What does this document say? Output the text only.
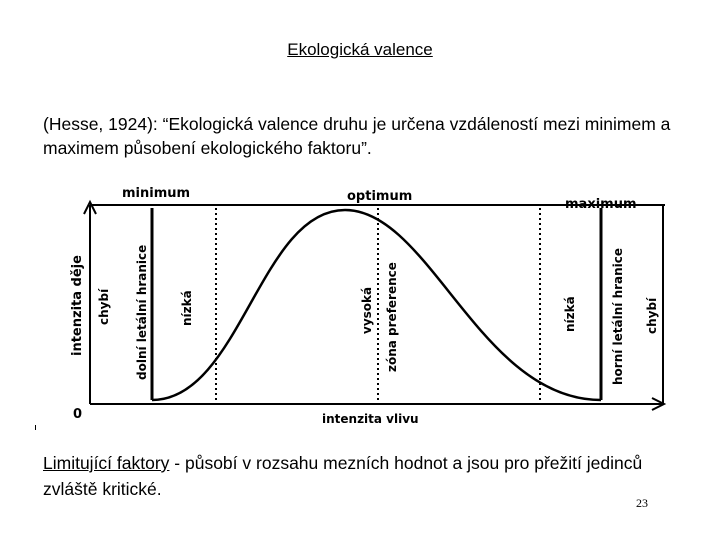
Ekologická valence
(Hesse, 1924): “Ekologická valence druhu je určena vzdáleností mezi minimem a maximem působení ekologického faktoru”.
minimum	optimum
maximum
intenzita děje
0	intenzita vlivu
chybí dolní letální hranice	nízká	vysoká zóna preference	nízká	horní letální hranice chybí
Limitující faktory - působí v rozsahu mezních hodnot a jsou pro přežití jedinců zvláště kritické.
23
